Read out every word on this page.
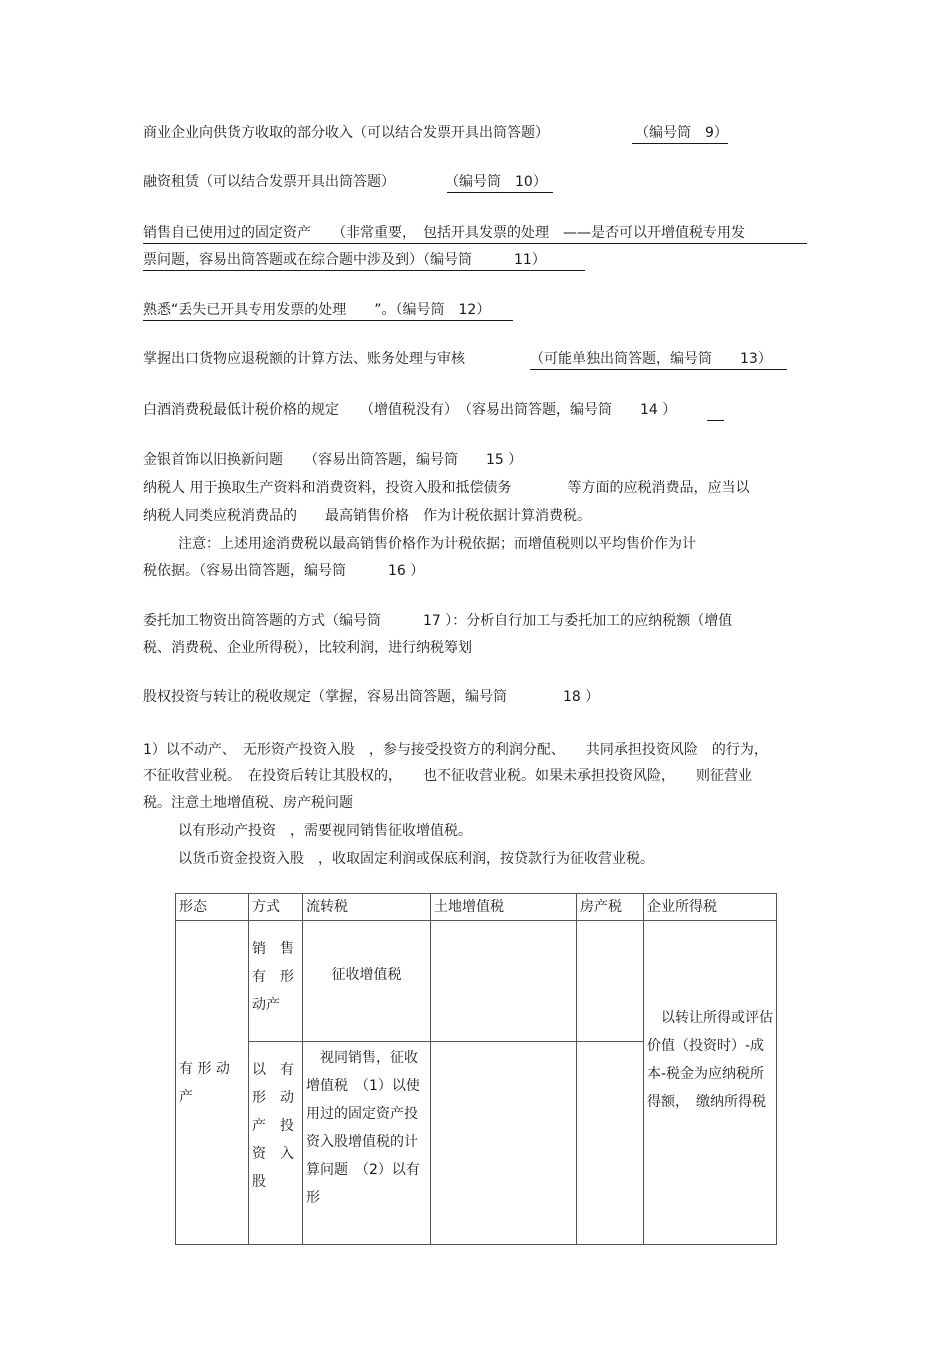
商业企业向供货方收取的部分收入（可以结合发票开具出筒答题）	（编号筒　9）
融资租赁（可以结合发票开具出筒答题）	（编号筒　10）
销售自已使用过的固定资产　　（非常重要，　包括开具发票的处理　——是否可以开增值税专用发
票问题，容易出筒答题或在综合题中涉及到）（编号筒　　　11）
熟悉“丢失已开具专用发票的处理　　”。（编号筒　12）
掌握出口货物应退税额的计算方法、账务处理与审核	（可能单独出筒答题，编号筒　　13）
白酒消费税最低计税价格的规定　　（增值税没有）　（容易出筒答题，编号筒　　14 ）
金银首饰以旧换新问题　　（容易出筒答题，编号筒　　15 ）
纳税人 用于换取生产资料和消费资料，投资入股和抵偿债务　　　　等方面的应税消费品，应当以
纳税人同类应税消费品的　　最高销售价格　作为计税依据计算消费税。
注意：上述用途消费税以最高销售价格作为计税依据；而增值税则以平均售价作为计
税依据。（容易出筒答题，编号筒　　　16 ）
委托加工物资出筒答题的方式（编号筒　　　17 ）：分析自行加工与委托加工的应纳税额（增值
税、消费税、企业所得税），比较利润，进行纳税筹划
股权投资与转让的税收规定（掌握，容易出筒答题，编号筒　　　　18 ）
1）以不动产、　无形资产投资入股　，参与接受投资方的利润分配、　　共同承担投资风险　的行为，
不征收营业税。　在投资后转让其股权的，　　也不征收营业税。如果未承担投资风险，　　则征营业
税。注意土地增值税、房产税问题
以有形动产投资　，需要视同销售征收增值税。
以货币资金投资入股　，收取固定利润或保底利润，按贷款行为征收营业税。
形态	方式	流转税	土地增值税	房产税	企业所得税
有 形 动 产	销　售 有　形 动产	征收增值税			　以转让所得或评估价值（投资时）-成本-税金为应纳税所得额，　缴纳所得税
	以　有 形　动 产　投 资　入 股	　视同销售，征收增值税　（1）以使用过的固定资产投资入股增值税的计算问题　（2）以有形			
